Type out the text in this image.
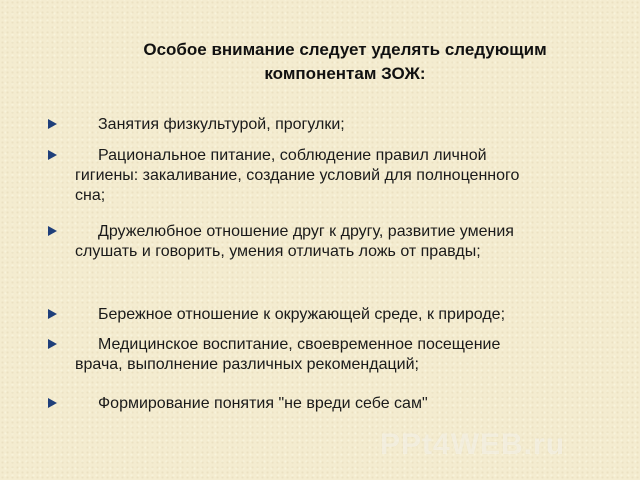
Особое внимание следует уделять следующим компонентам ЗОЖ:
Занятия физкультурой, прогулки;
Рациональное питание, соблюдение правил личной гигиены: закаливание, создание условий для полноценного сна;
Дружелюбное отношение друг к другу, развитие умения слушать и говорить, умения отличать ложь от правды;
Бережное отношение к окружающей среде, к природе;
Медицинское воспитание, своевременное посещение врача, выполнение различных рекомендаций;
Формирование понятия "не вреди себе сам"
PPt4WEB.ru
